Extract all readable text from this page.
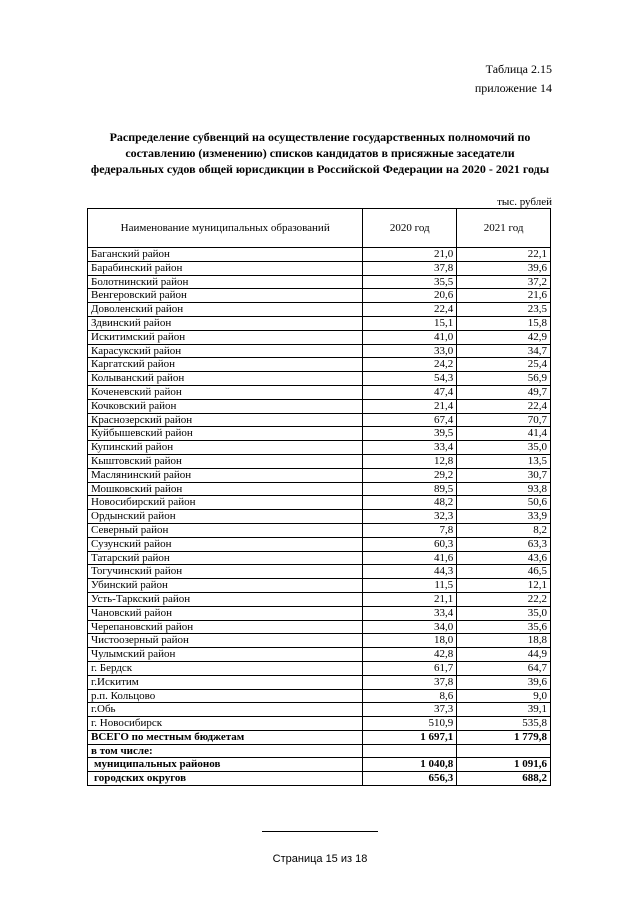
Таблица 2.15
приложение 14
Распределение субвенций на осуществление государственных полномочий по составлению (изменению) списков кандидатов в присяжные заседатели федеральных судов общей юрисдикции в Российской Федерации на 2020 - 2021 годы
тыс. рублей
Наименование муниципальных образований	2020 год	2021 год
Баганский район	21,0	22,1
Барабинский район	37,8	39,6
Болотнинский район	35,5	37,2
Венгеровский район	20,6	21,6
Доволенский район	22,4	23,5
Здвинский район	15,1	15,8
Искитимский район	41,0	42,9
Карасукский район	33,0	34,7
Каргатский район	24,2	25,4
Колыванский район	54,3	56,9
Коченевский район	47,4	49,7
Кочковский район	21,4	22,4
Краснозерский район	67,4	70,7
Куйбышевский район	39,5	41,4
Купинский район	33,4	35,0
Кыштовский район	12,8	13,5
Маслянинский район	29,2	30,7
Мошковский район	89,5	93,8
Новосибирский район	48,2	50,6
Ордынский район	32,3	33,9
Северный район	7,8	8,2
Сузунский район	60,3	63,3
Татарский район	41,6	43,6
Тогучинский район	44,3	46,5
Убинский район	11,5	12,1
Усть-Таркский район	21,1	22,2
Чановский район	33,4	35,0
Черепановский район	34,0	35,6
Чистоозерный район	18,0	18,8
Чулымский район	42,8	44,9
г. Бердск	61,7	64,7
г.Искитим	37,8	39,6
р.п. Кольцово	8,6	9,0
г.Обь	37,3	39,1
г. Новосибирск	510,9	535,8
ВСЕГО по местным бюджетам	1 697,1	1 779,8
в том числе:		
муниципальных районов	1 040,8	1 091,6
городских округов	656,3	688,2
Страница 15 из 18
